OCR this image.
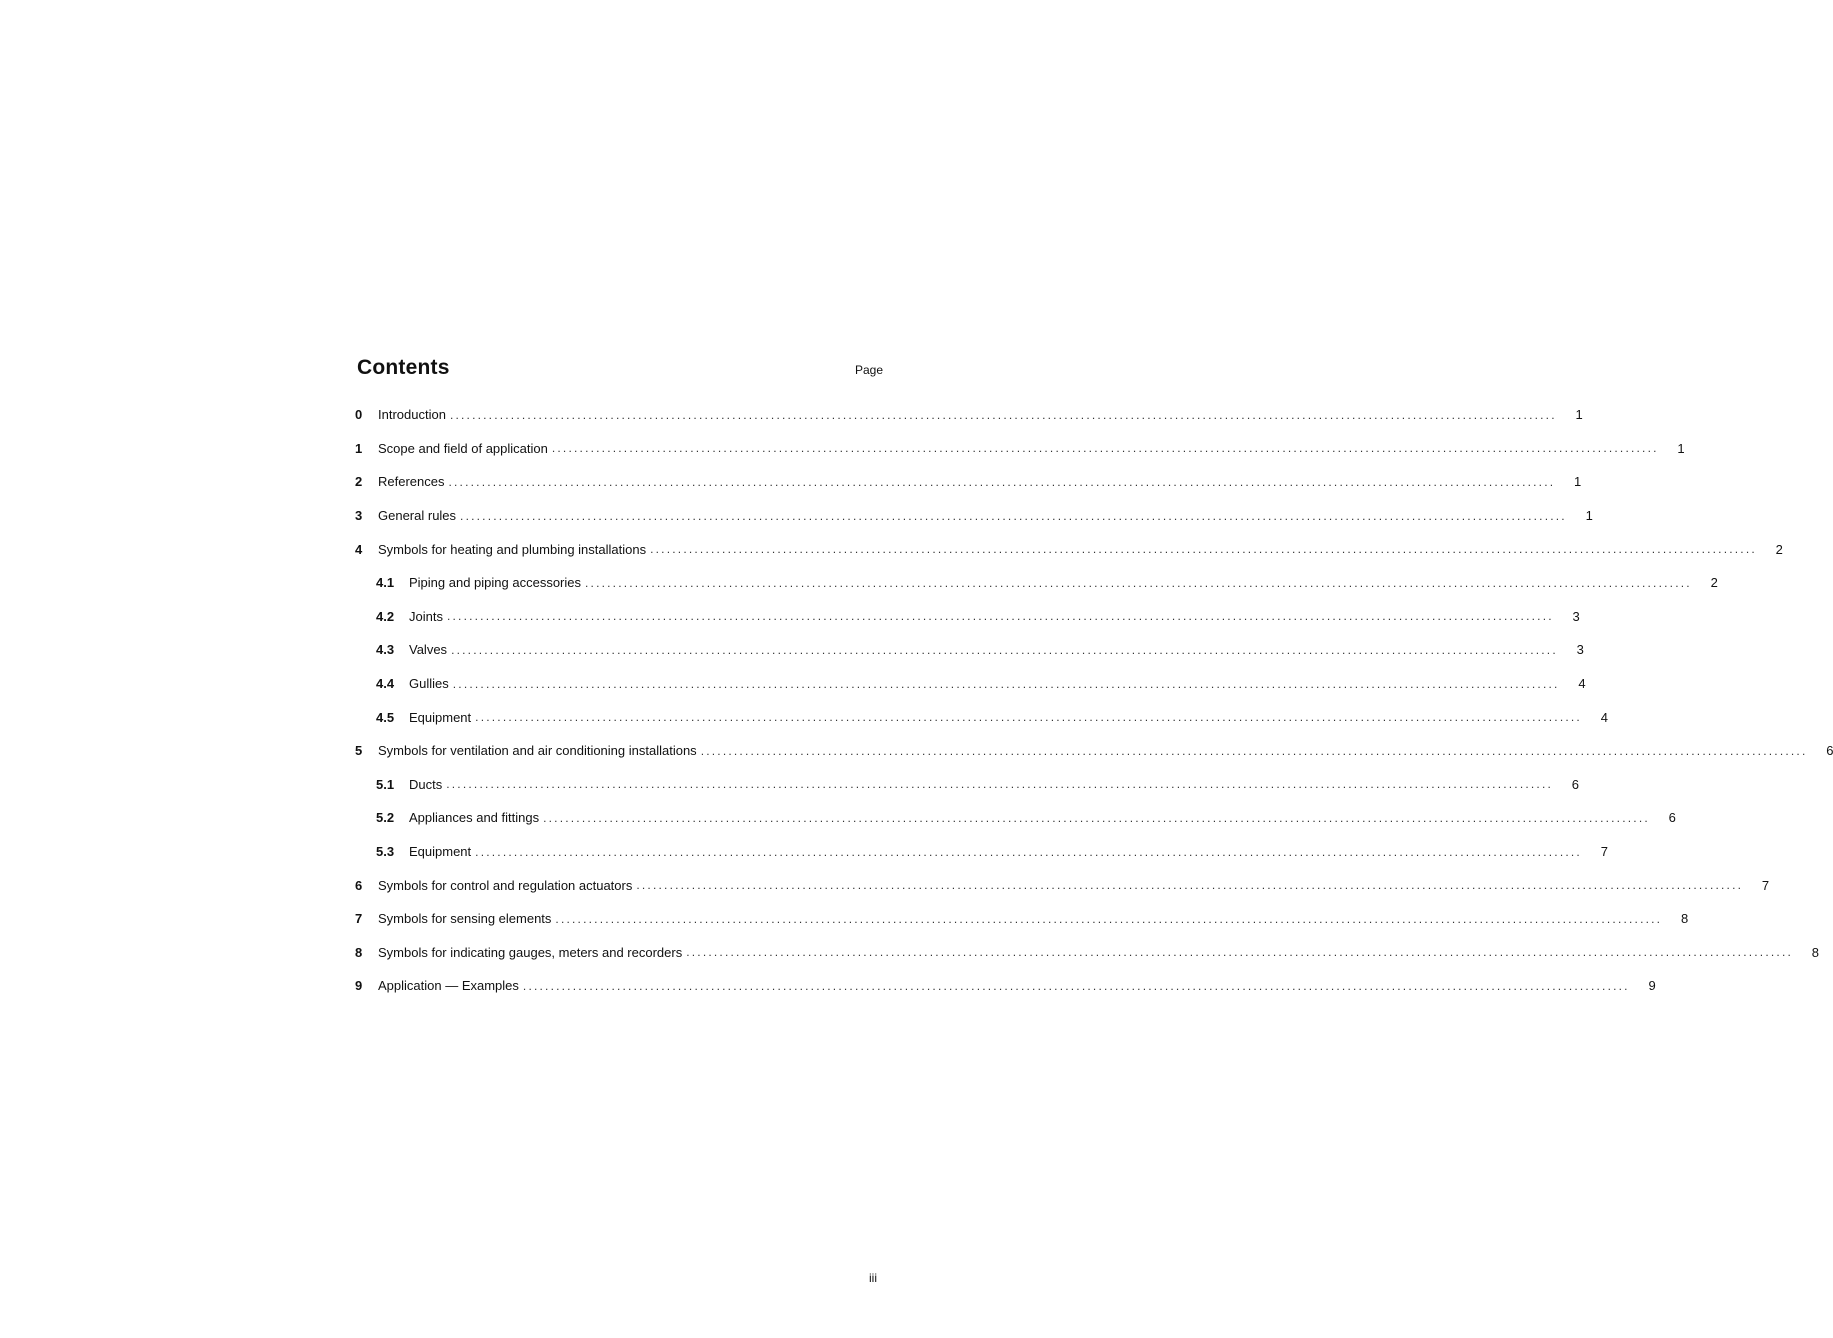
Contents	Page
0	Introduction ........................................................................................................................................................................................................	1
1	Scope and field of application ........................................................................................................................................................................................................	1
2	References ........................................................................................................................................................................................................	1
3	General rules ........................................................................................................................................................................................................	1
4	Symbols for heating and plumbing installations ........................................................................................................................................................................................................	2
4.1	Piping and piping accessories ........................................................................................................................................................................................................	2
4.2	Joints ........................................................................................................................................................................................................	3
4.3	Valves ........................................................................................................................................................................................................	3
4.4	Gullies ........................................................................................................................................................................................................	4
4.5	Equipment ........................................................................................................................................................................................................	4
5	Symbols for ventilation and air conditioning installations ........................................................................................................................................................................................................	6
5.1	Ducts ........................................................................................................................................................................................................	6
5.2	Appliances and fittings ........................................................................................................................................................................................................	6
5.3	Equipment ........................................................................................................................................................................................................	7
6	Symbols for control and regulation actuators ........................................................................................................................................................................................................	7
7	Symbols for sensing elements ........................................................................................................................................................................................................	8
8	Symbols for indicating gauges, meters and recorders ........................................................................................................................................................................................................	8
9	Application — Examples ........................................................................................................................................................................................................	9
iii
